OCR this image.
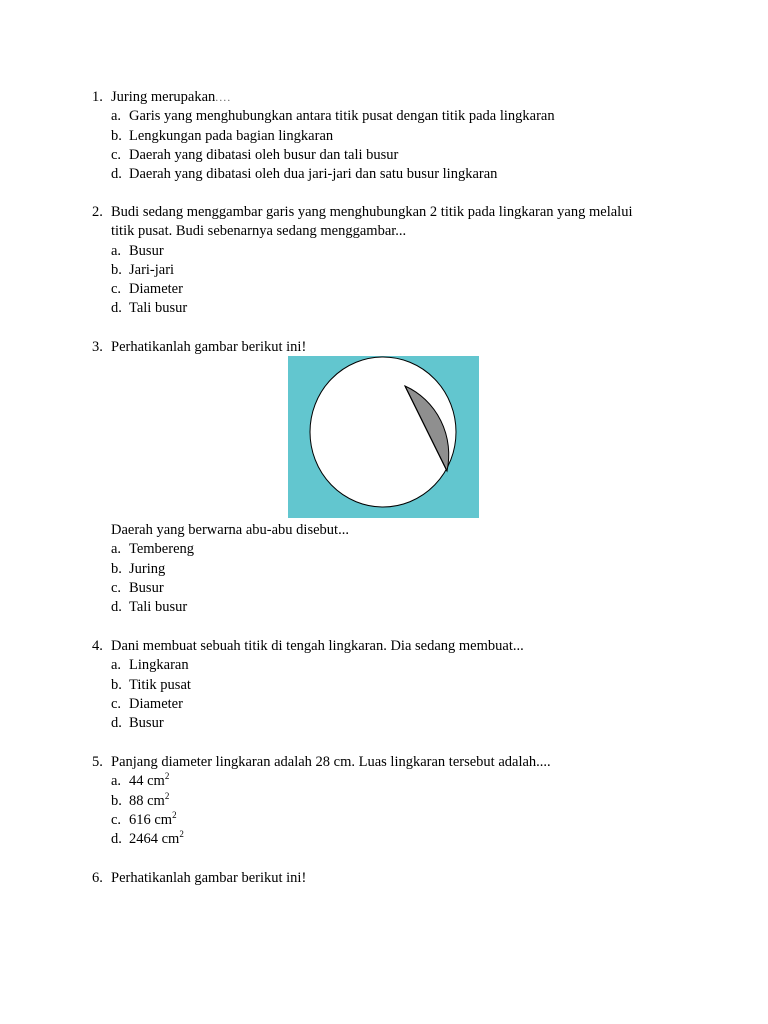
1. Juring merupakan....
a. Garis yang menghubungkan antara titik pusat dengan titik pada lingkaran
b. Lengkungan pada bagian lingkaran
c. Daerah yang dibatasi oleh busur dan tali busur
d. Daerah yang dibatasi oleh dua jari-jari dan satu busur lingkaran
2. Budi sedang menggambar garis yang menghubungkan 2 titik pada lingkaran yang melalui
titik pusat. Budi sebenarnya sedang menggambar...
a. Busur
b. Jari-jari
c. Diameter
d. Tali busur
3. Perhatikanlah gambar berikut ini!
Daerah yang berwarna abu-abu disebut...
a. Tembereng
b. Juring
c. Busur
d. Tali busur
4. Dani membuat sebuah titik di tengah lingkaran. Dia sedang membuat...
a. Lingkaran
b. Titik pusat
c. Diameter
d. Busur
5. Panjang diameter lingkaran adalah 28 cm. Luas lingkaran tersebut adalah....
a. 44 $cm^2$
b. 88 $cm^2$
c. 616 $cm^2$
d. 2464 $cm^2$
6. Perhatikanlah gambar berikut ini!
